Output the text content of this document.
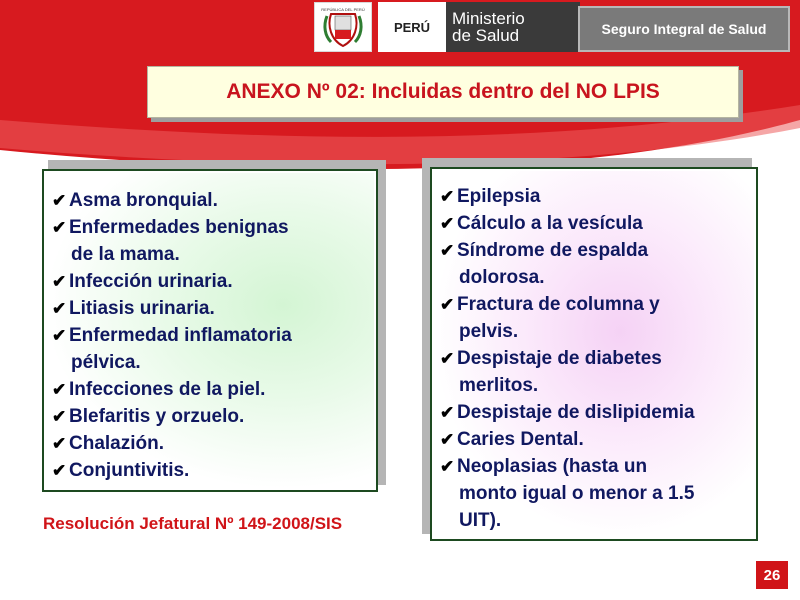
REPÚBLICA DEL PERÚ
PERÚ	Ministerio
de Salud	Seguro Integral de Salud
ANEXO Nº 02: Incluidas dentro del NO LPIS
✔ Asma bronquial.
✔ Enfermedades benignas
de la mama.
✔ Infección urinaria.
✔ Litiasis urinaria.
✔ Enfermedad inflamatoria
pélvica.
✔ Infecciones de la piel.
✔ Blefaritis y orzuelo.
✔ Chalazión.
✔ Conjuntivitis.
✔ Epilepsia
✔ Cálculo a la vesícula
✔ Síndrome de espalda
dolorosa.
✔ Fractura de columna y
pelvis.
✔ Despistaje de diabetes
merlitos.
✔ Despistaje de dislipidemia
✔ Caries Dental.
✔ Neoplasias (hasta un
monto igual o menor a 1.5
UIT).
Resolución Jefatural Nº 149-2008/SIS
26
